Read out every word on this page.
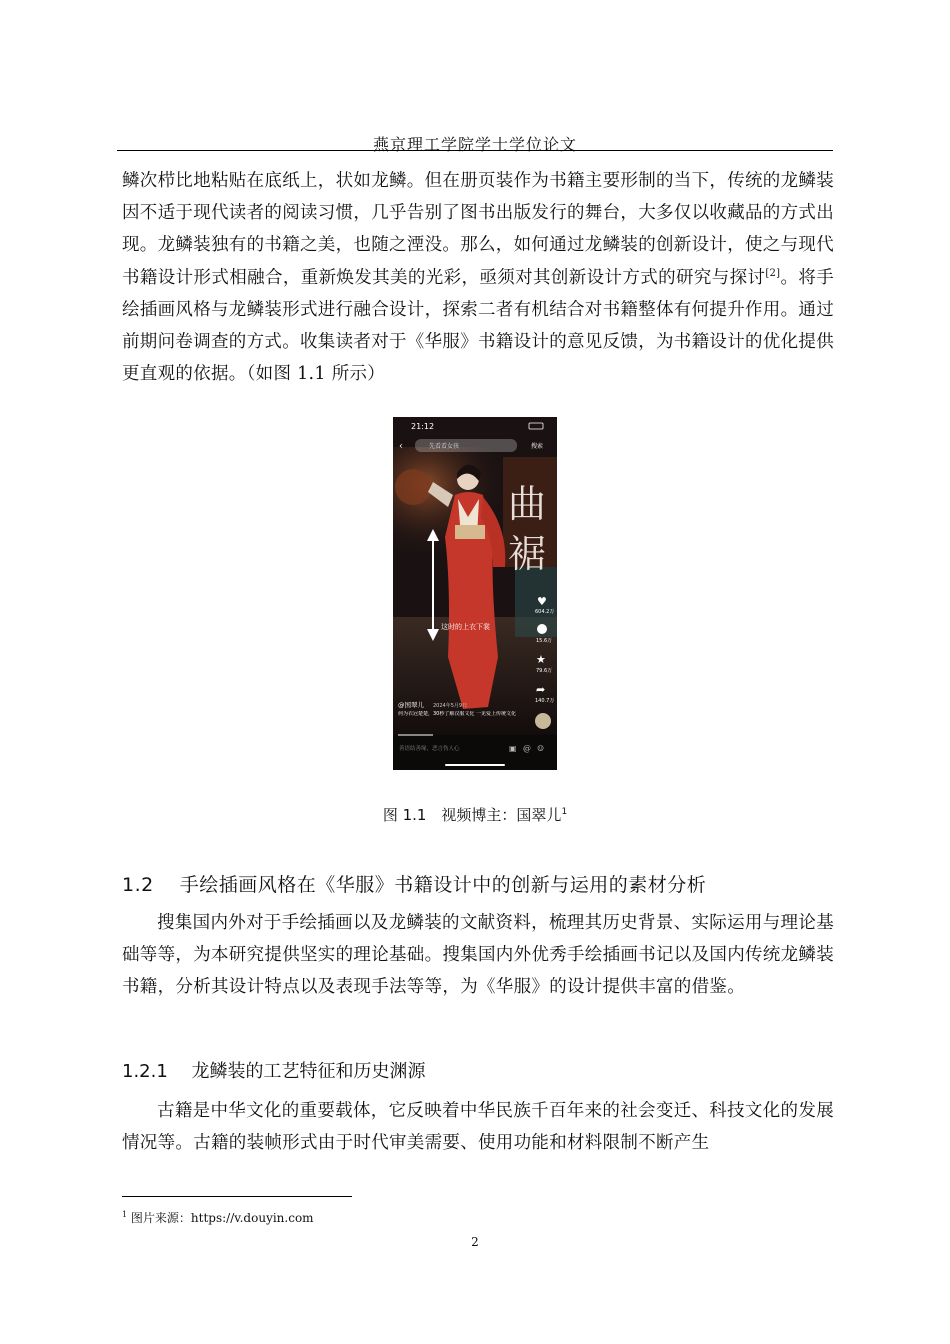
燕京理工学院学士学位论文

鳞次栉比地粘贴在底纸上，状如龙鳞。但在册页装作为书籍主要形制的当下，传统的龙鳞装因不适于现代读者的阅读习惯，几乎告别了图书出版发行的舞台，大多仅以收藏品的方式出现。龙鳞装独有的书籍之美，也随之湮没。那么，如何通过龙鳞装的创新设计，使之与现代书籍设计形式相融合，重新焕发其美的光彩，亟须对其创新设计方式的研究与探讨[2]。将手绘插画风格与龙鳞装形式进行融合设计，探索二者有机结合对书籍整体有何提升作用。通过前期问卷调查的方式。收集读者对于《华服》书籍设计的意见反馈，为书籍设计的优化提供更直观的依据。（如图 1.1 所示）

曲
裾
21:12
‹	先看看女孩	搜索
这时的上衣下裳
♥
604.2万
15.6万
★
79.6万
➦
140.7万
@国翠儿 2024年5月9日
何为衣冠楚楚，30秒了解汉服文化 一见爱上传统文化
善语结善缘，恶言伤人心	▣ @ ☺
图 1.1　视频博主：国翠儿$^1$
1.2　 手绘插画风格在《华服》书籍设计中的创新与运用的素材分析

搜集国内外对于手绘插画以及龙鳞装的文献资料，梳理其历史背景、实际运用与理论基础等等，为本研究提供坚实的理论基础。搜集国内外优秀手绘插画书记以及国内传统龙鳞装书籍，分析其设计特点以及表现手法等等，为《华服》的设计提供丰富的借鉴。

1.2.1　 龙鳞装的工艺特征和历史渊源

古籍是中华文化的重要载体，它反映着中华民族千百年来的社会变迁、科技文化的发展情况等。古籍的装帧形式由于时代审美需要、使用功能和材料限制不断产生

$^1$ 图片来源：https://v.douyin.com
2
